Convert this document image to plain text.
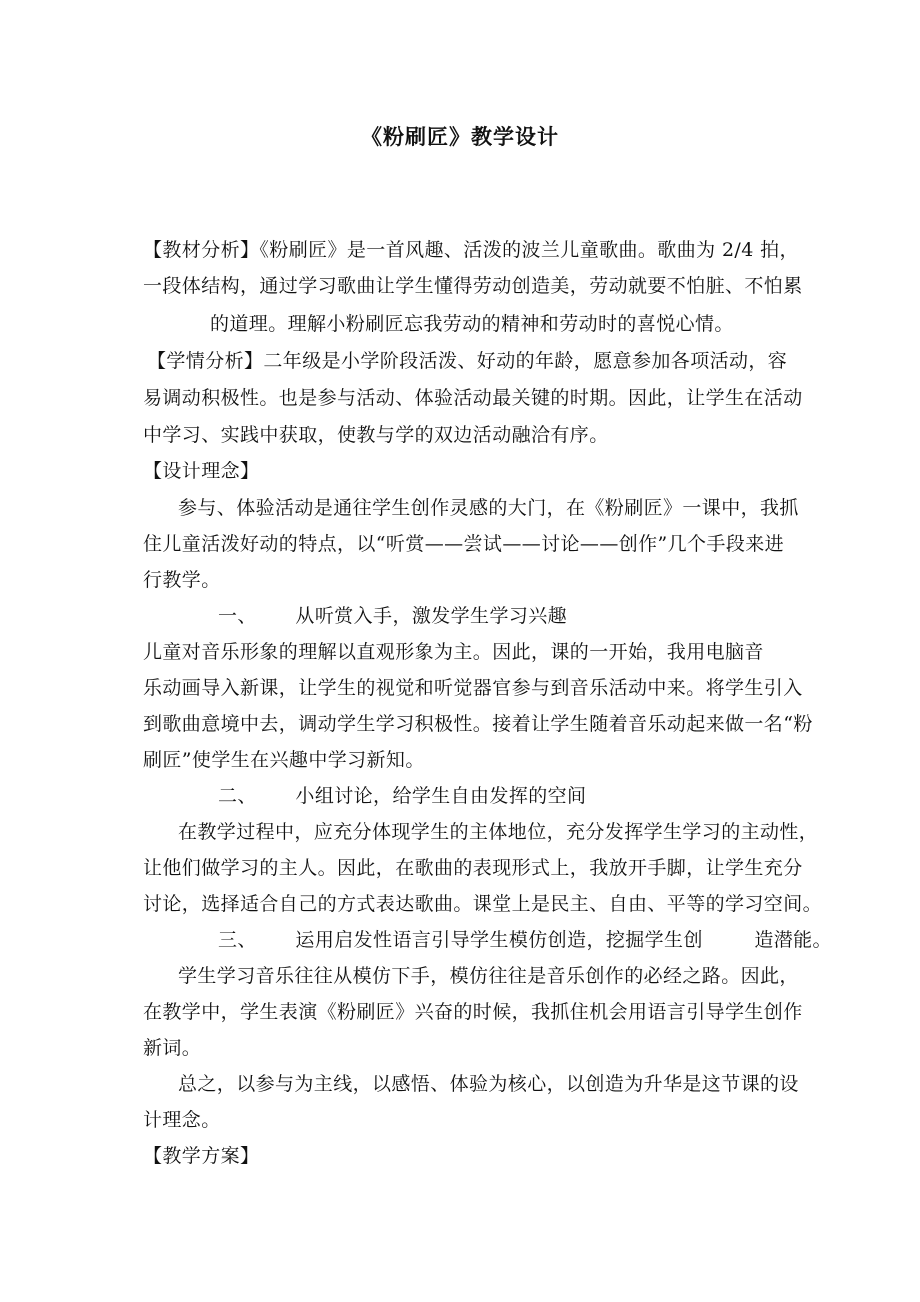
《粉刷匠》教学设计
【教材分析】《粉刷匠》是一首风趣、活泼的波兰儿童歌曲。歌曲为 2/4 拍，
一段体结构，通过学习歌曲让学生懂得劳动创造美，劳动就要不怕脏、不怕累
的道理。理解小粉刷匠忘我劳动的精神和劳动时的喜悦心情。
【学情分析】二年级是小学阶段活泼、好动的年龄，愿意参加各项活动，容
易调动积极性。也是参与活动、体验活动最关键的时期。因此，让学生在活动
中学习、实践中获取，使教与学的双边活动融洽有序。
【设计理念】
参与、体验活动是通往学生创作灵感的大门，在《粉刷匠》一课中，我抓
住儿童活泼好动的特点，以“听赏——尝试——讨论——创作”几个手段来进
行教学。
一、      从听赏入手，激发学生学习兴趣
儿童对音乐形象的理解以直观形象为主。因此，课的一开始，我用电脑音
乐动画导入新课，让学生的视觉和听觉器官参与到音乐活动中来。将学生引入
到歌曲意境中去，调动学生学习积极性。接着让学生随着音乐动起来做一名“粉
刷匠”使学生在兴趣中学习新知。
二、      小组讨论，给学生自由发挥的空间
在教学过程中，应充分体现学生的主体地位，充分发挥学生学习的主动性，
让他们做学习的主人。因此，在歌曲的表现形式上，我放开手脚，让学生充分
讨论，选择适合自己的方式表达歌曲。课堂上是民主、自由、平等的学习空间。
三、      运用启发性语言引导学生模仿创造，挖掘学生创        造潜能。
学生学习音乐往往从模仿下手，模仿往往是音乐创作的必经之路。因此，
在教学中，学生表演《粉刷匠》兴奋的时候，我抓住机会用语言引导学生创作
新词。
总之，以参与为主线，以感悟、体验为核心，以创造为升华是这节课的设
计理念。
【教学方案】
